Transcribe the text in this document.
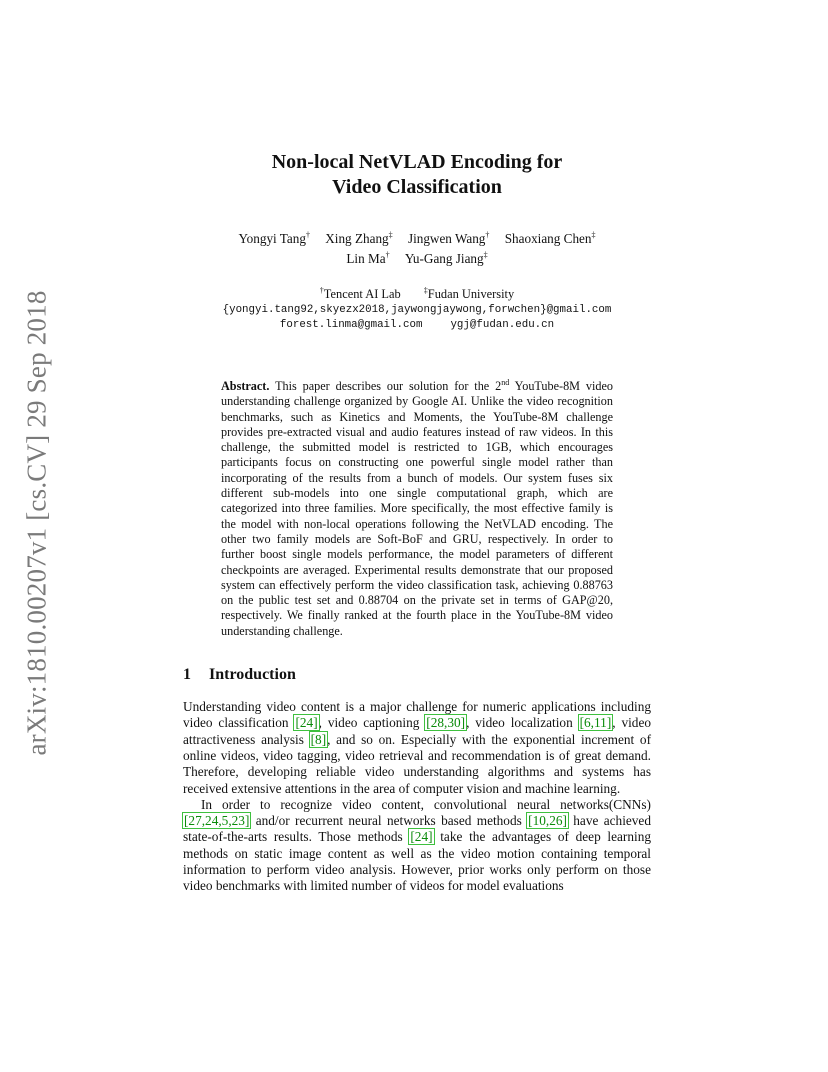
arXiv:1810.00207v1 [cs.CV] 29 Sep 2018
Non-local NetVLAD Encoding for
Video Classification
Yongyi Tang† Xing Zhang‡ Jingwen Wang† Shaoxiang Chen‡
Lin Ma† Yu-Gang Jiang‡
†Tencent AI Lab	‡Fudan University
{yongyi.tang92,skyezx2018,jaywongjaywong,forwchen}@gmail.com
forest.linma@gmail.com	ygj@fudan.edu.cn
Abstract. This paper describes our solution for the 2nd YouTube-8M video understanding challenge organized by Google AI. Unlike the video recognition benchmarks, such as Kinetics and Moments, the YouTube-8M challenge provides pre-extracted visual and audio features instead of raw videos. In this challenge, the submitted model is restricted to 1GB, which encourages participants focus on constructing one powerful single model rather than incorporating of the results from a bunch of models. Our system fuses six different sub-models into one single computational graph, which are categorized into three families. More specifically, the most effective family is the model with non-local operations following the NetVLAD encoding. The other two family models are Soft-BoF and GRU, respectively. In order to further boost single models performance, the model parameters of different checkpoints are averaged. Experimental results demonstrate that our proposed system can effectively perform the video classification task, achieving 0.88763 on the public test set and 0.88704 on the private set in terms of GAP@20, respectively. We finally ranked at the fourth place in the YouTube-8M video understanding challenge.
1 Introduction

Understanding video content is a major challenge for numeric applications including video classification [24], video captioning [28,30], video localization [6,11], video attractiveness analysis [8], and so on. Especially with the exponential increment of online videos, video tagging, video retrieval and recommendation is of great demand. Therefore, developing reliable video understanding algorithms and systems has received extensive attentions in the area of computer vision and machine learning.

In order to recognize video content, convolutional neural networks(CNNs) [27,24,5,23] and/or recurrent neural networks based methods [10,26] have achieved state-of-the-arts results. Those methods [24] take the advantages of deep learning methods on static image content as well as the video motion containing temporal information to perform video analysis. However, prior works only perform on those video benchmarks with limited number of videos for model evaluations
